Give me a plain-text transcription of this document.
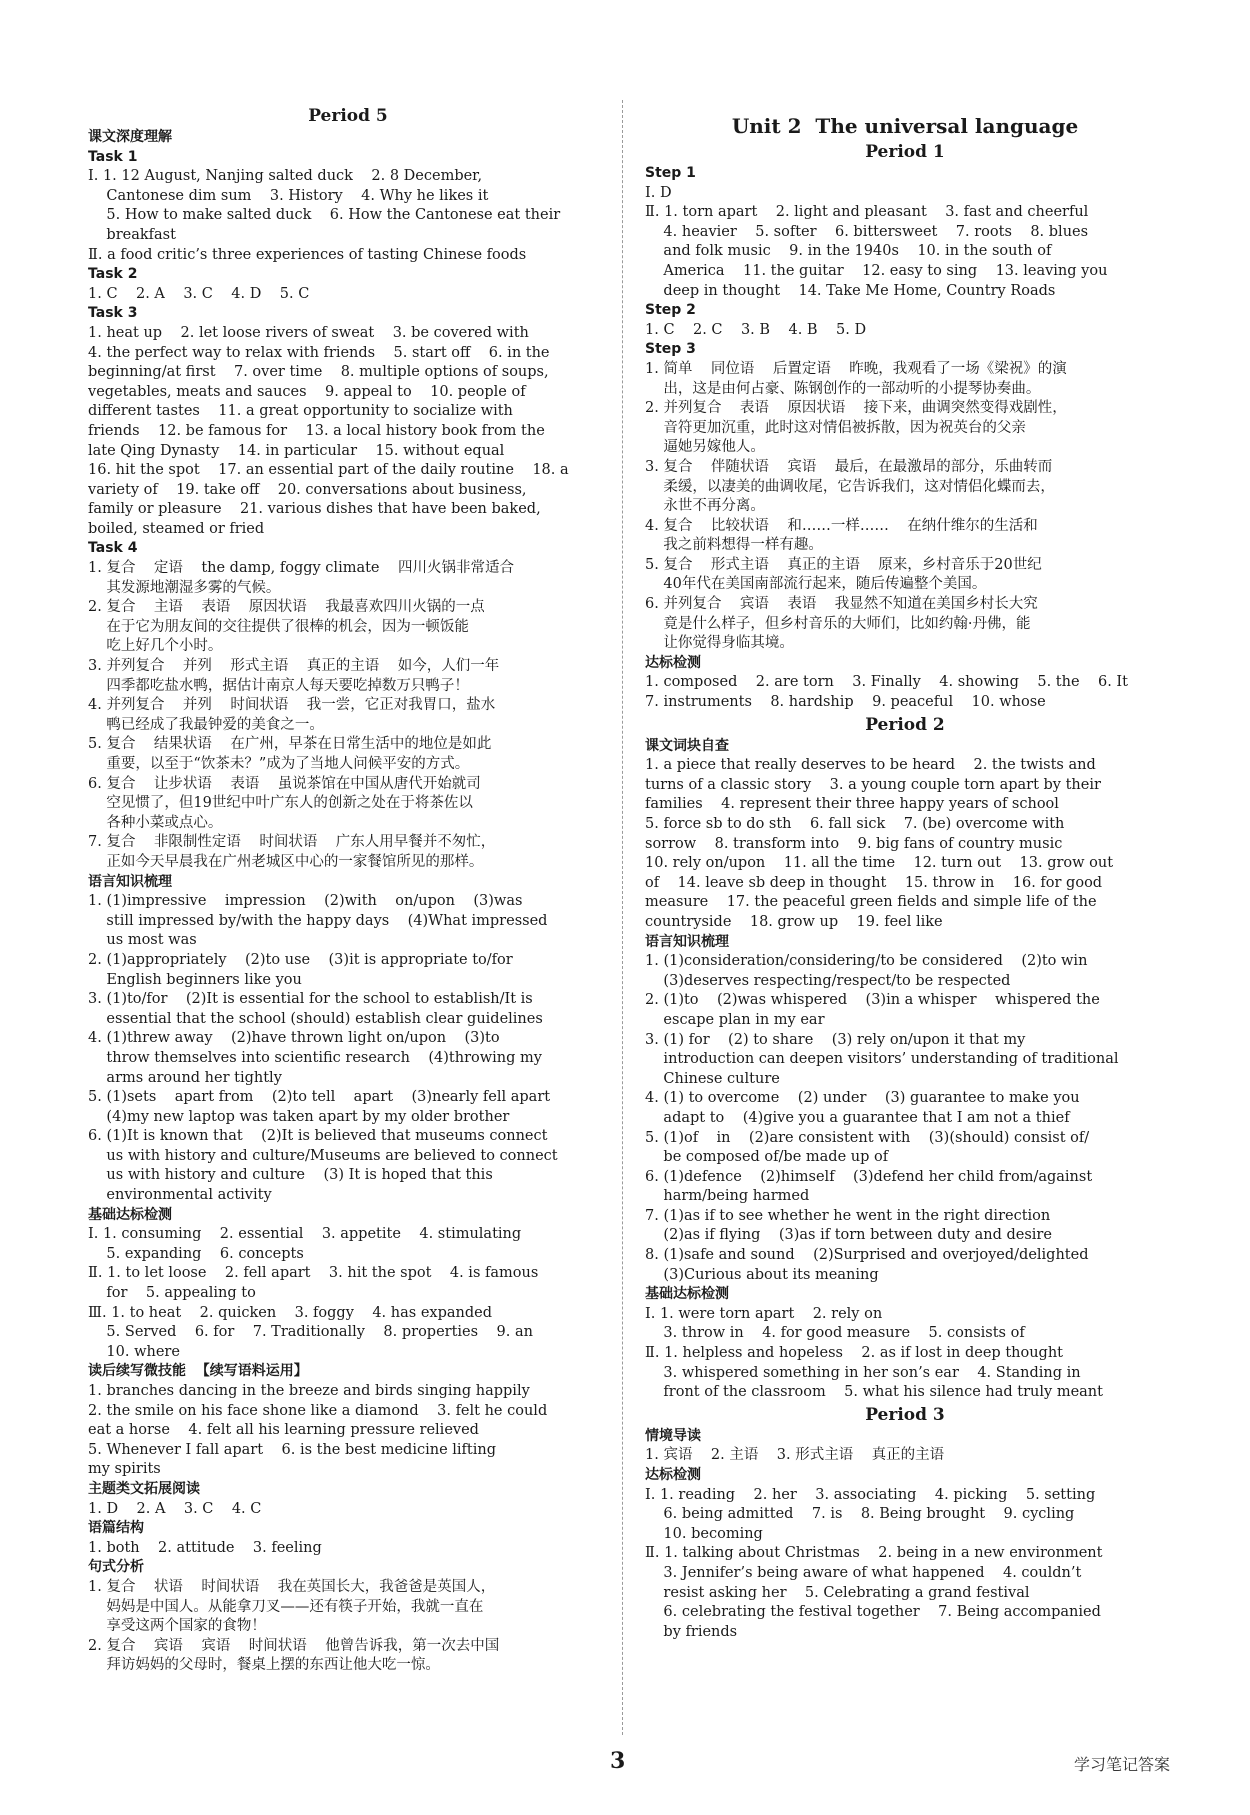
Period 5
课文深度理解
Task 1
Ⅰ. 1. 12 August, Nanjing salted duck    2. 8 December,
Cantonese dim sum    3. History    4. Why he likes it
5. How to make salted duck    6. How the Cantonese eat their
breakfast
Ⅱ. a food critic’s three experiences of tasting Chinese foods
Task 2
1. C    2. A    3. C    4. D    5. C
Task 3
1. heat up    2. let loose rivers of sweat    3. be covered with
4. the perfect way to relax with friends    5. start off    6. in the
beginning/at first    7. over time    8. multiple options of soups,
vegetables, meats and sauces    9. appeal to    10. people of
different tastes    11. a great opportunity to socialize with
friends    12. be famous for    13. a local history book from the
late Qing Dynasty    14. in particular    15. without equal
16. hit the spot    17. an essential part of the daily routine    18. a
variety of    19. take off    20. conversations about business,
family or pleasure    21. various dishes that have been baked,
boiled, steamed or fried
Task 4
1. 复合    定语    the damp, foggy climate    四川火锅非常适合
其发源地潮湿多雾的气候。
2. 复合    主语    表语    原因状语    我最喜欢四川火锅的一点
在于它为朋友间的交往提供了很棒的机会，因为一顿饭能
吃上好几个小时。
3. 并列复合    并列    形式主语    真正的主语    如今，人们一年
四季都吃盐水鸭，据估计南京人每天要吃掉数万只鸭子！
4. 并列复合    并列    时间状语    我一尝，它正对我胃口，盐水
鸭已经成了我最钟爱的美食之一。
5. 复合    结果状语    在广州，早茶在日常生活中的地位是如此
重要，以至于“饮茶未？”成为了当地人问候平安的方式。
6. 复合    让步状语    表语    虽说茶馆在中国从唐代开始就司
空见惯了，但19世纪中叶广东人的创新之处在于将茶佐以
各种小菜或点心。
7. 复合    非限制性定语    时间状语    广东人用早餐并不匆忙，
正如今天早晨我在广州老城区中心的一家餐馆所见的那样。
语言知识梳理
1. (1)impressive    impression    (2)with    on/upon    (3)was
still impressed by/with the happy days    (4)What impressed
us most was
2. (1)appropriately    (2)to use    (3)it is appropriate to/for
English beginners like you
3. (1)to/for    (2)It is essential for the school to establish/It is
essential that the school (should) establish clear guidelines
4. (1)threw away    (2)have thrown light on/upon    (3)to
throw themselves into scientific research    (4)throwing my
arms around her tightly
5. (1)sets    apart from    (2)to tell    apart    (3)nearly fell apart
(4)my new laptop was taken apart by my older brother
6. (1)It is known that    (2)It is believed that museums connect
us with history and culture/Museums are believed to connect
us with history and culture    (3) It is hoped that this
environmental activity
基础达标检测
Ⅰ. 1. consuming    2. essential    3. appetite    4. stimulating
5. expanding    6. concepts
Ⅱ. 1. to let loose    2. fell apart    3. hit the spot    4. is famous
for    5. appealing to
Ⅲ. 1. to heat    2. quicken    3. foggy    4. has expanded
5. Served    6. for    7. Traditionally    8. properties    9. an
10. where
读后续写微技能  【续写语料运用】
1. branches dancing in the breeze and birds singing happily
2. the smile on his face shone like a diamond    3. felt he could
eat a horse    4. felt all his learning pressure relieved
5. Whenever I fall apart    6. is the best medicine lifting
my spirits
主题类文拓展阅读
1. D    2. A    3. C    4. C
语篇结构
1. both    2. attitude    3. feeling
句式分析
1. 复合    状语    时间状语    我在英国长大，我爸爸是英国人，
妈妈是中国人。从能拿刀叉——还有筷子开始，我就一直在
享受这两个国家的食物！
2. 复合    宾语    宾语    时间状语    他曾告诉我，第一次去中国
拜访妈妈的父母时，餐桌上摆的东西让他大吃一惊。
Unit 2  The universal language
Period 1
Step 1
Ⅰ. D
Ⅱ. 1. torn apart    2. light and pleasant    3. fast and cheerful
4. heavier    5. softer    6. bittersweet    7. roots    8. blues
and folk music    9. in the 1940s    10. in the south of
America    11. the guitar    12. easy to sing    13. leaving you
deep in thought    14. Take Me Home, Country Roads
Step 2
1. C    2. C    3. B    4. B    5. D
Step 3
1. 简单    同位语    后置定语    昨晚，我观看了一场《梁祝》的演
出，这是由何占豪、陈钢创作的一部动听的小提琴协奏曲。
2. 并列复合    表语    原因状语    接下来，曲调突然变得戏剧性，
音符更加沉重，此时这对情侣被拆散，因为祝英台的父亲
逼她另嫁他人。
3. 复合    伴随状语    宾语    最后，在最激昂的部分，乐曲转而
柔缓，以凄美的曲调收尾，它告诉我们，这对情侣化蝶而去，
永世不再分离。
4. 复合    比较状语    和……一样……    在纳什维尔的生活和
我之前料想得一样有趣。
5. 复合    形式主语    真正的主语    原来，乡村音乐于20世纪
40年代在美国南部流行起来，随后传遍整个美国。
6. 并列复合    宾语    表语    我显然不知道在美国乡村长大究
竟是什么样子，但乡村音乐的大师们，比如约翰·丹佛，能
让你觉得身临其境。
达标检测
1. composed    2. are torn    3. Finally    4. showing    5. the    6. It
7. instruments    8. hardship    9. peaceful    10. whose
Period 2
课文词块自查
1. a piece that really deserves to be heard    2. the twists and
turns of a classic story    3. a young couple torn apart by their
families    4. represent their three happy years of school
5. force sb to do sth    6. fall sick    7. (be) overcome with
sorrow    8. transform into    9. big fans of country music
10. rely on/upon    11. all the time    12. turn out    13. grow out
of    14. leave sb deep in thought    15. throw in    16. for good
measure    17. the peaceful green fields and simple life of the
countryside    18. grow up    19. feel like
语言知识梳理
1. (1)consideration/considering/to be considered    (2)to win
(3)deserves respecting/respect/to be respected
2. (1)to    (2)was whispered    (3)in a whisper    whispered the
escape plan in my ear
3. (1) for    (2) to share    (3) rely on/upon it that my
introduction can deepen visitors’ understanding of traditional
Chinese culture
4. (1) to overcome    (2) under    (3) guarantee to make you
adapt to    (4)give you a guarantee that I am not a thief
5. (1)of    in    (2)are consistent with    (3)(should) consist of/
be composed of/be made up of
6. (1)defence    (2)himself    (3)defend her child from/against
harm/being harmed
7. (1)as if to see whether he went in the right direction
(2)as if flying    (3)as if torn between duty and desire
8. (1)safe and sound    (2)Surprised and overjoyed/delighted
(3)Curious about its meaning
基础达标检测
Ⅰ. 1. were torn apart    2. rely on
3. throw in    4. for good measure    5. consists of
Ⅱ. 1. helpless and hopeless    2. as if lost in deep thought
3. whispered something in her son’s ear    4. Standing in
front of the classroom    5. what his silence had truly meant
Period 3
情境导读
1. 宾语    2. 主语    3. 形式主语    真正的主语
达标检测
Ⅰ. 1. reading    2. her    3. associating    4. picking    5. setting
6. being admitted    7. is    8. Being brought    9. cycling
10. becoming
Ⅱ. 1. talking about Christmas    2. being in a new environment
3. Jennifer’s being aware of what happened    4. couldn’t
resist asking her    5. Celebrating a grand festival
6. celebrating the festival together    7. Being accompanied
by friends
3	学习笔记答案
